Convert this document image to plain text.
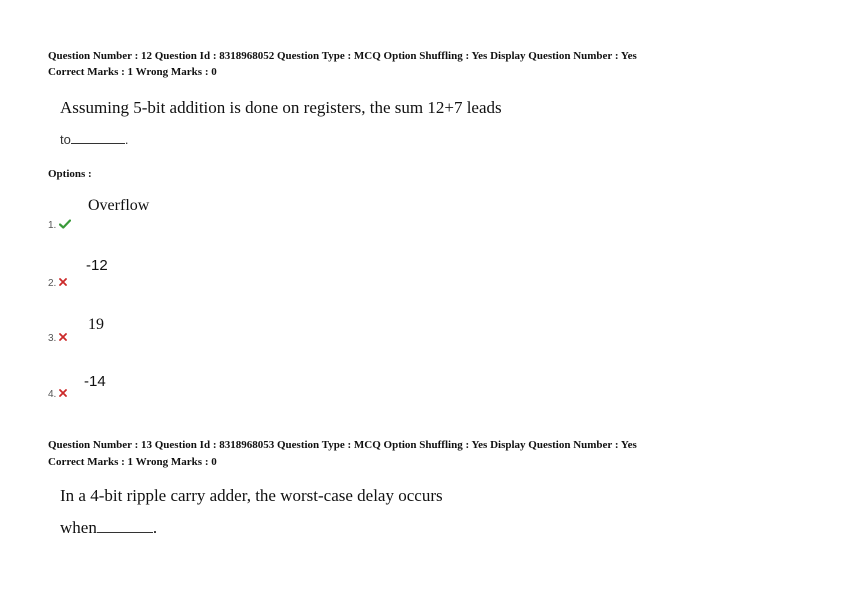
Question Number : 12 Question Id : 8318968052 Question Type : MCQ Option Shuffling : Yes Display Question Number : Yes
Correct Marks : 1 Wrong Marks : 0
Assuming 5-bit addition is done on registers, the sum 12+7 leads
to	.
Options :
Overflow
1.
-12
2.
19
3.
-14
4.
Question Number : 13 Question Id : 8318968053 Question Type : MCQ Option Shuffling : Yes Display Question Number : Yes
Correct Marks : 1 Wrong Marks : 0
In a 4-bit ripple carry adder, the worst-case delay occurs
when	.
